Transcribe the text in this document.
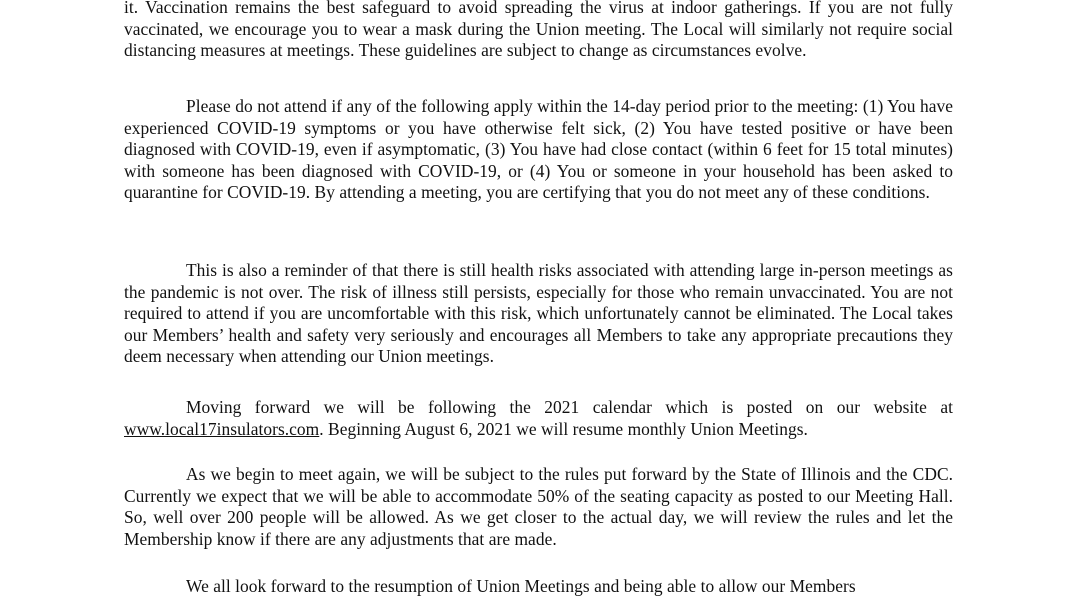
it. Vaccination remains the best safeguard to avoid spreading the virus at indoor gatherings. If you are not fully vaccinated, we encourage you to wear a mask during the Union meeting. The Local will similarly not require social distancing measures at meetings. These guidelines are subject to change as circumstances evolve.

Please do not attend if any of the following apply within the 14-day period prior to the meeting: (1) You have experienced COVID-19 symptoms or you have otherwise felt sick, (2) You have tested positive or have been diagnosed with COVID-19, even if asymptomatic, (3) You have had close contact (within 6 feet for 15 total minutes) with someone has been diagnosed with COVID-19, or (4) You or someone in your household has been asked to quarantine for COVID-19. By attending a meeting, you are certifying that you do not meet any of these conditions.

This is also a reminder of that there is still health risks associated with attending large in-person meetings as the pandemic is not over. The risk of illness still persists, especially for those who remain unvaccinated. You are not required to attend if you are uncomfortable with this risk, which unfortunately cannot be eliminated. The Local takes our Members’ health and safety very seriously and encourages all Members to take any appropriate precautions they deem necessary when attending our Union meetings.

Moving forward we will be following the 2021 calendar which is posted on our website at www.local17insulators.com. Beginning August 6, 2021 we will resume monthly Union Meetings.

As we begin to meet again, we will be subject to the rules put forward by the State of Illinois and the CDC. Currently we expect that we will be able to accommodate 50% of the seating capacity as posted to our Meeting Hall. So, well over 200 people will be allowed. As we get closer to the actual day, we will review the rules and let the Membership know if there are any adjustments that are made.

We all look forward to the resumption of Union Meetings and being able to allow our Members
